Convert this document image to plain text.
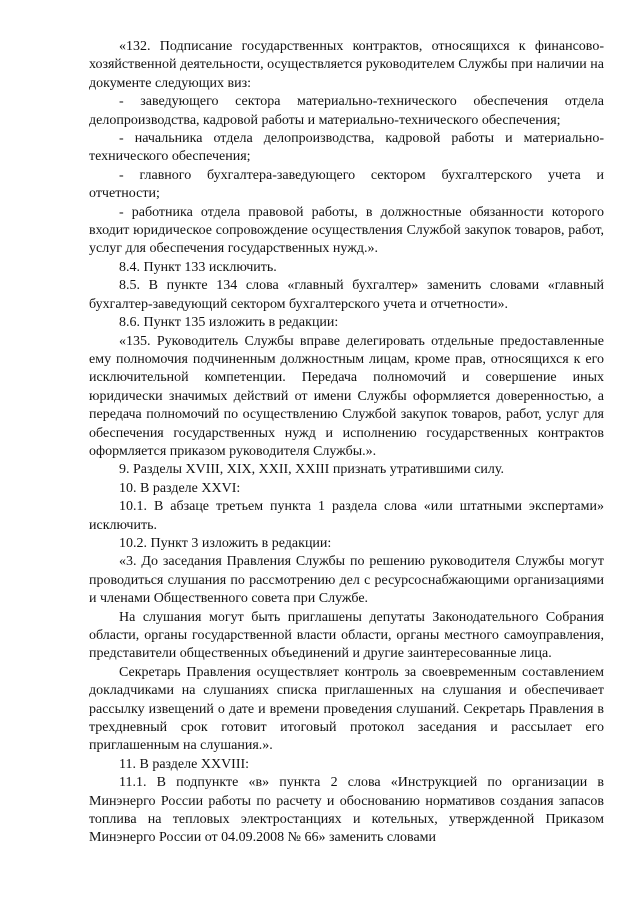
«132. Подписание государственных контрактов, относящихся к финансово-хозяйственной деятельности, осуществляется руководителем Службы при наличии на документе следующих виз:

- заведующего сектора материально-технического обеспечения отдела делопроизводства, кадровой работы и материально-технического обеспечения;

- начальника отдела делопроизводства, кадровой работы и материально-технического обеспечения;

- главного бухгалтера-заведующего сектором бухгалтерского учета и отчетности;

- работника отдела правовой работы, в должностные обязанности которого входит юридическое сопровождение осуществления Службой закупок товаров, работ, услуг для обеспечения государственных нужд.».

8.4. Пункт 133 исключить.

8.5. В пункте 134 слова «главный бухгалтер» заменить словами «главный бухгалтер-заведующий сектором бухгалтерского учета и отчетности».

8.6. Пункт 135 изложить в редакции:

«135. Руководитель Службы вправе делегировать отдельные предоставленные ему полномочия подчиненным должностным лицам, кроме прав, относящихся к его исключительной компетенции. Передача полномочий и совершение иных юридически значимых действий от имени Службы оформляется доверенностью, а передача полномочий по осуществлению Службой закупок товаров, работ, услуг для обеспечения государственных нужд и исполнению государственных контрактов оформляется приказом руководителя Службы.».

9. Разделы XVIII, XIX, XXII, XXIII признать утратившими силу.

10. В разделе XXVI:

10.1. В абзаце третьем пункта 1 раздела слова «или штатными экспертами» исключить.

10.2. Пункт 3 изложить в редакции:

«3. До заседания Правления Службы по решению руководителя Службы могут проводиться слушания по рассмотрению дел с ресурсоснабжающими организациями и членами Общественного совета при Службе.

На слушания могут быть приглашены депутаты Законодательного Собрания области, органы государственной власти области, органы местного самоуправления, представители общественных объединений и другие заинтересованные лица.

Секретарь Правления осуществляет контроль за своевременным составлением докладчиками на слушаниях списка приглашенных на слушания и обеспечивает рассылку извещений о дате и времени проведения слушаний. Секретарь Правления в трехдневный срок готовит итоговый протокол заседания и рассылает его приглашенным на слушания.».

11. В разделе XXVIII:

11.1. В подпункте «в» пункта 2 слова «Инструкцией по организации в Минэнерго России работы по расчету и обоснованию нормативов создания запасов топлива на тепловых электростанциях и котельных, утвержденной Приказом Минэнерго России от 04.09.2008 № 66» заменить словами
